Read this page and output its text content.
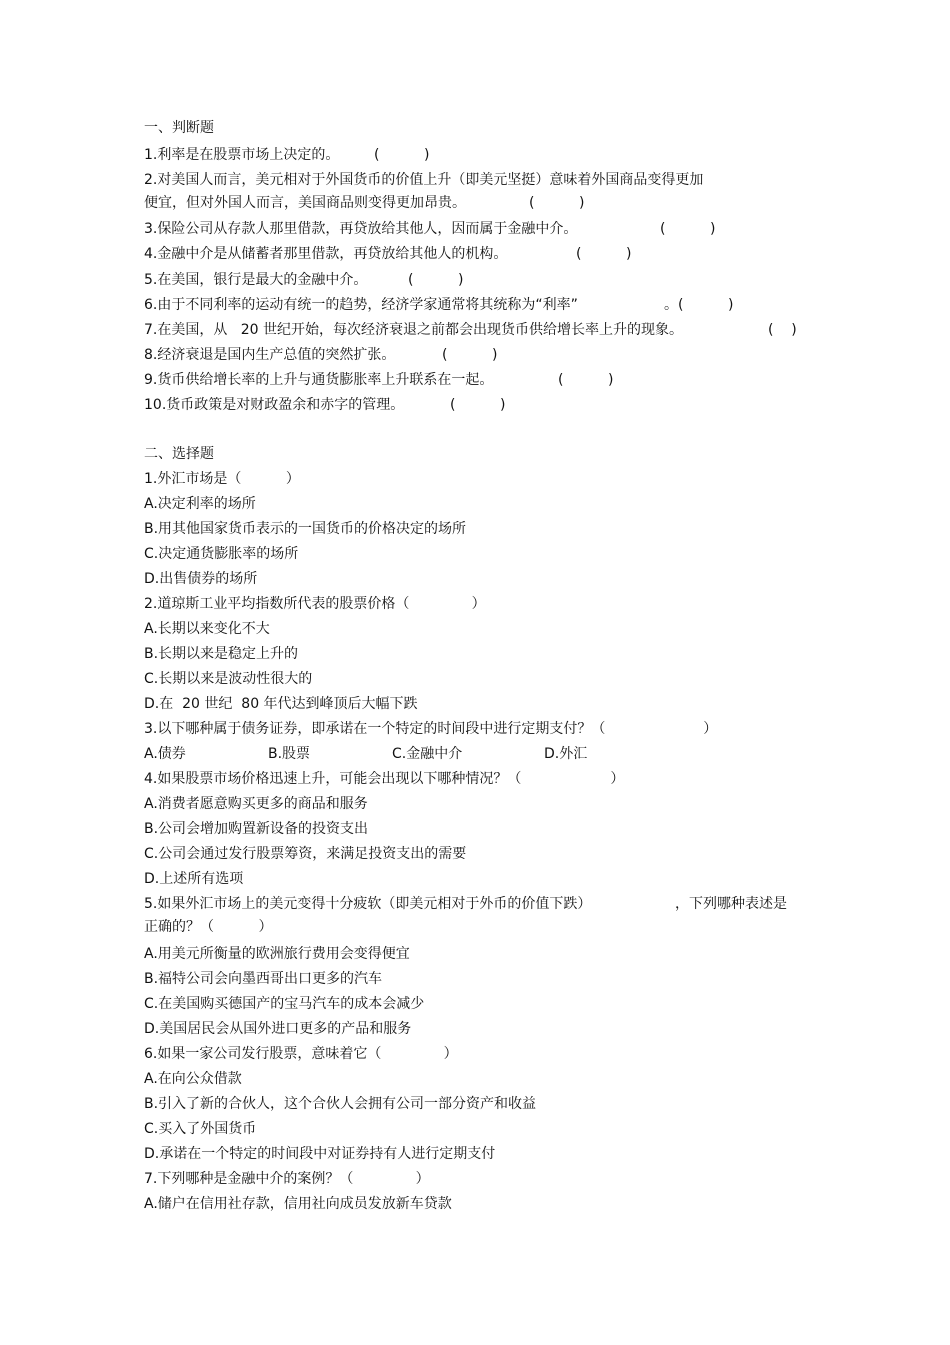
一、判断题
1.利率是在股票市场上决定的。 (          )
2.对美国人而言，美元相对于外国货币的价值上升（即美元坚挺）意味着外国商品变得更加
便宜，但对外国人而言，美国商品则变得更加昂贵。	(          )
3.保险公司从存款人那里借款，再贷放给其他人，因而属于金融中介。	(          )
4.金融中介是从储蓄者那里借款，再贷放给其他人的机构。	(          )
5.在美国，银行是最大的金融中介。	(          )
6.由于不同利率的运动有统一的趋势，经济学家通常将其统称为“利率”	。(          )
7.在美国，从   20 世纪开始，每次经济衰退之前都会出现货币供给增长率上升的现象。	(    )
8.经济衰退是国内生产总值的突然扩张。	(          )
9.货币供给增长率的上升与通货膨胀率上升联系在一起。	(          )
10.货币政策是对财政盈余和赤字的管理。	(          )
二、选择题
1.外汇市场是（          ）
A.决定利率的场所
B.用其他国家货币表示的一国货币的价格决定的场所
C.决定通货膨胀率的场所
D.出售债券的场所
2.道琼斯工业平均指数所代表的股票价格（              ）
A.长期以来变化不大
B.长期以来是稳定上升的
C.长期以来是波动性很大的
D.在  20 世纪  80 年代达到峰顶后大幅下跌
3.以下哪种属于债务证券，即承诺在一个特定的时间段中进行定期支付？（                      ）
A.债券	B.股票	C.金融中介	D.外汇
4.如果股票市场价格迅速上升，可能会出现以下哪种情况？（                    ）
A.消费者愿意购买更多的商品和服务
B.公司会增加购置新设备的投资支出
C.公司会通过发行股票筹资，来满足投资支出的需要
D.上述所有选项
5.如果外汇市场上的美元变得十分疲软（即美元相对于外币的价值下跌）	，下列哪种表述是
正确的？（          ）
A.用美元所衡量的欧洲旅行费用会变得便宜
B.福特公司会向墨西哥出口更多的汽车
C.在美国购买德国产的宝马汽车的成本会减少
D.美国居民会从国外进口更多的产品和服务
6.如果一家公司发行股票，意味着它（              ）
A.在向公众借款
B.引入了新的合伙人，这个合伙人会拥有公司一部分资产和收益
C.买入了外国货币
D.承诺在一个特定的时间段中对证券持有人进行定期支付
7.下列哪种是金融中介的案例？（              ）
A.储户在信用社存款，信用社向成员发放新车贷款
